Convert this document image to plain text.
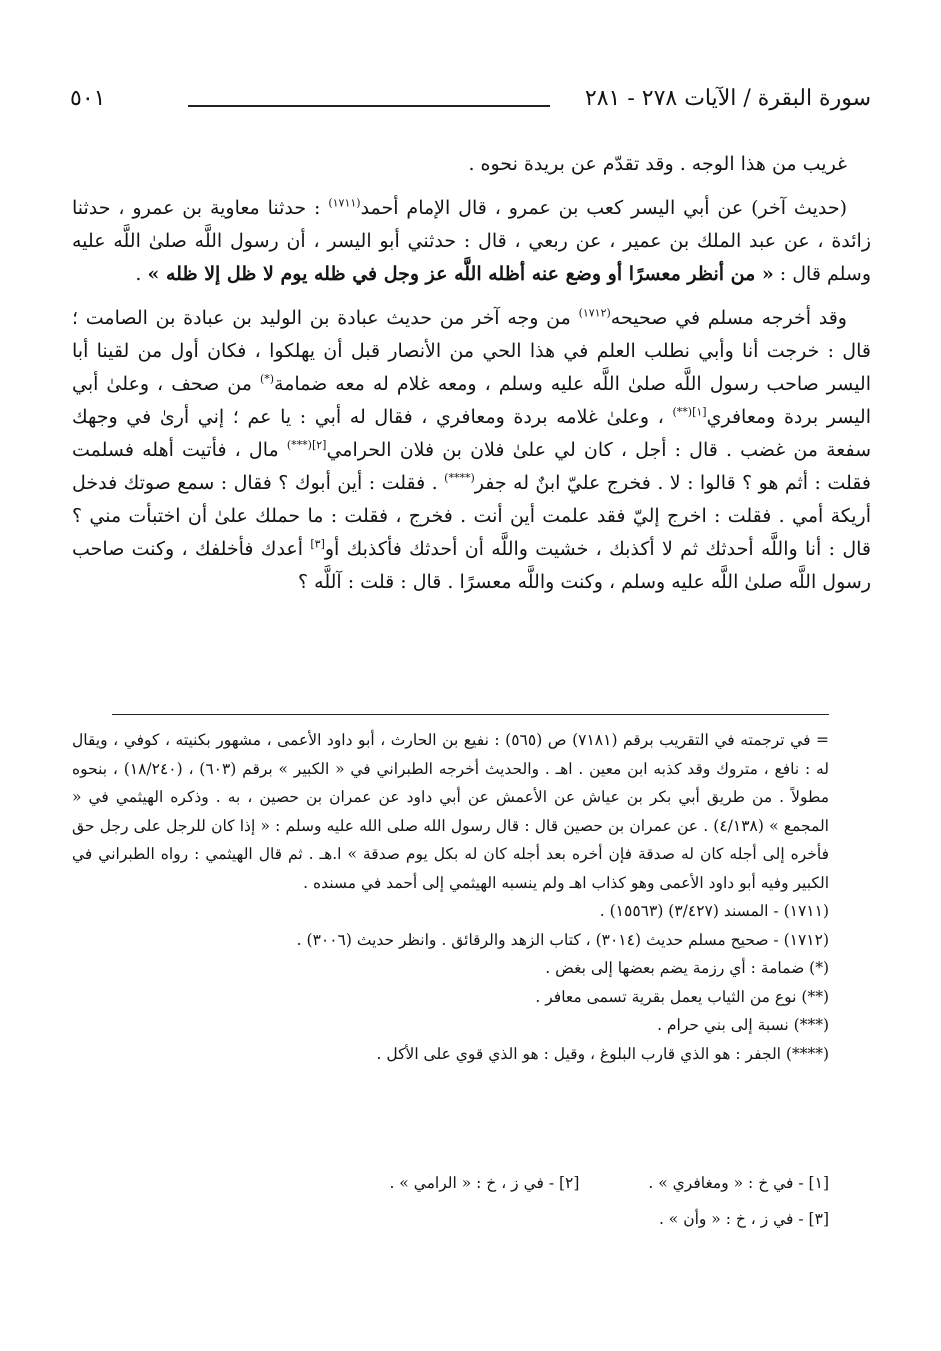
سورة البقرة / الآيات ٢٧٨ - ٢٨١
٥٠١

غريب من هذا الوجه . وقد تقدّم عن بريدة نحوه .

(حديث آخر) عن أبي اليسر كعب بن عمرو ، قال الإمام أحمد$^{(١٧١١)}$ : حدثنا معاوية بن عمرو ، حدثنا زائدة ، عن عبد الملك بن عمير ، عن ربعي ، قال : حدثني أبو اليسر ، أن رسول اللَّه صلىٰ اللَّه عليه وسلم قال : « من أنظر معسرًا أو وضع عنه أظله اللَّه عز وجل في ظله يوم لا ظل إلا ظله » .

وقد أخرجه مسلم في صحيحه$^{(١٧١٢)}$ من وجه آخر من حديث عبادة بن الوليد بن عبادة بن الصامت ؛ قال : خرجت أنا وأبي نطلب العلم في هذا الحي من الأنصار قبل أن يهلكوا ، فكان أول من لقينا أبا اليسر صاحب رسول اللَّه صلىٰ اللَّه عليه وسلم ، ومعه غلام له معه ضمامة(*) من صحف ، وعلىٰ أبي اليسر بردة ومعافري$^{[١](**)}$ ، وعلىٰ غلامه بردة ومعافري ، فقال له أبي : يا عم ؛ إني أرىٰ في وجهك سفعة من غضب . قال : أجل ، كان لي علىٰ فلان بن فلان الحرامي$^{[٢](***)}$ مال ، فأتيت أهله فسلمت فقلت : أثم هو ؟ قالوا : لا . فخرج عليّ ابنٌ له جفر(****) . فقلت : أين أبوك ؟ فقال : سمع صوتك فدخل أريكة أمي . فقلت : اخرج إليّ فقد علمت أين أنت . فخرج ، فقلت : ما حملك علىٰ أن اختبأت مني ؟ قال : أنا واللَّه أحدثك ثم لا أكذبك ، خشيت واللَّه أن أحدثك فأكذبك أو[٣] أعدك فأخلفك ، وكنت صاحب رسول اللَّه صلىٰ اللَّه عليه وسلم ، وكنت واللَّه معسرًا . قال : قلت : آللَّه ؟

= في ترجمته في التقريب برقم (٧١٨١) ص (٥٦٥) : نفيع بن الحارث ، أبو داود الأعمى ، مشهور بكنيته ، كوفي ، ويقال له : نافع ، متروك وقد كذبه ابن معين . اهـ . والحديث أخرجه الطبراني في « الكبير » برقم (٦٠٣) ، (١٨/٢٤٠) ، بنحوه مطولاً . من طريق أبي بكر بن عياش عن الأعمش عن أبي داود عن عمران بن حصين ، به . وذكره الهيثمي في « المجمع » (٤/١٣٨) . عن عمران بن حصين قال : قال رسول الله صلى الله عليه وسلم : « إذا كان للرجل على رجل حق فأخره إلى أجله كان له صدقة فإن أخره بعد أجله كان له بكل يوم صدقة » ا.هـ . ثم قال الهيثمي : رواه الطبراني في الكبير وفيه أبو داود الأعمى وهو كذاب اهـ ولم ينسبه الهيثمي إلى أحمد في مسنده .

(١٧١١) - المسند (٣/٤٢٧) (١٥٥٦٣) .

(١٧١٢) - صحيح مسلم حديث (٣٠١٤) ، كتاب الزهد والرقائق . وانظر حديث (٣٠٠٦) .

(*) ضمامة : أي رزمة يضم بعضها إلى بغض .

(**) نوع من الثياب يعمل بقرية تسمى معافر .

(***) نسبة إلى بني حرام .

(****) الجفر : هو الذي قارب البلوغ ، وقيل : هو الذي قوي على الأكل .

[١] - في خ : « ومغافري » . [٢] - في ز ، خ : « الرامي » .
[٣] - في ز ، خ : « وأن » .
